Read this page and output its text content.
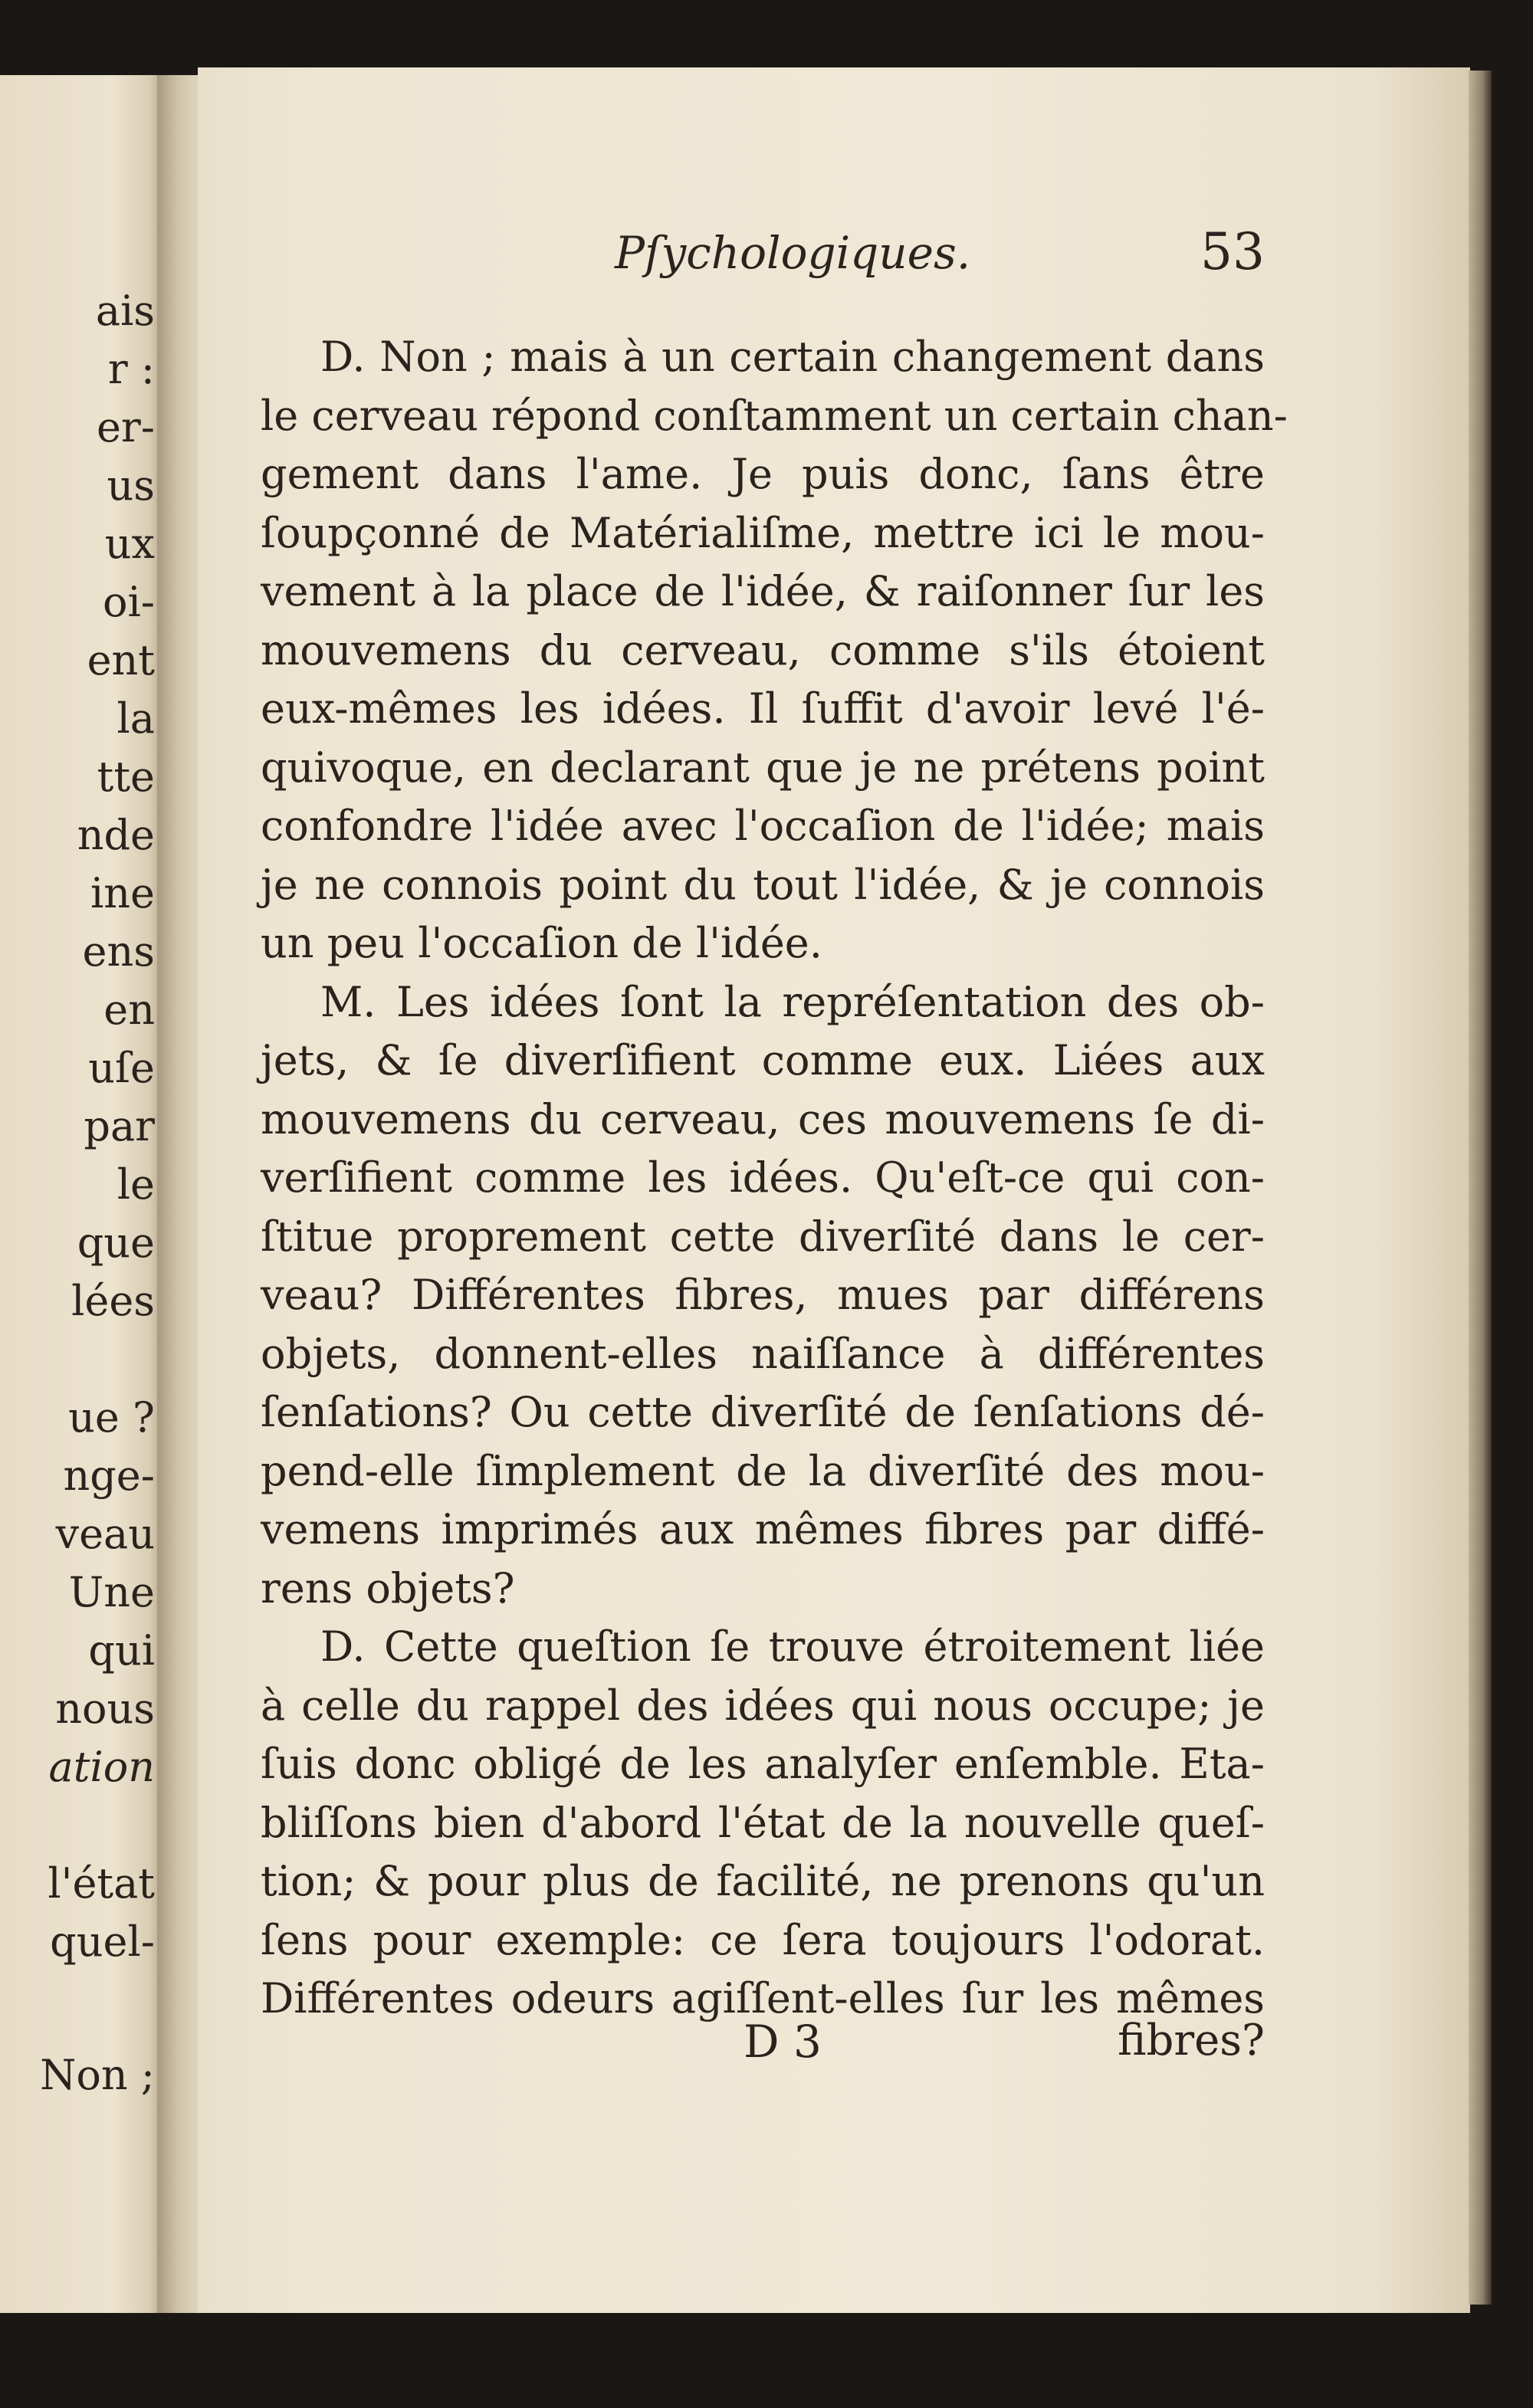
ais
r :
er-
us
ux
oi-
ent
la
tte
nde
ine
ens
en
uſe
par
le
que
lées
ue ?
nge-
veau
Une
qui
nous
ation
l'état
quel-
Non ;
Pſychologiques.	53
D. Non ; mais à un certain changement dans
le cerveau répond conſtamment un certain chan-
gement dans l'ame. Je puis donc, ſans être
ſoupçonné de Matérialiſme, mettre ici le mou-
vement à la place de l'idée, & raiſonner ſur les
mouvemens du cerveau, comme s'ils étoient
eux-mêmes les idées. Il ſuffit d'avoir levé l'é-
quivoque, en declarant que je ne prétens point
confondre l'idée avec l'occaſion de l'idée; mais
je ne connois point du tout l'idée, & je connois
un peu l'occaſion de l'idée.
M. Les idées ſont la repréſentation des ob-
jets, & ſe diverſifient comme eux. Liées aux
mouvemens du cerveau, ces mouvemens ſe di-
verſifient comme les idées. Qu'eſt-ce qui con-
ſtitue proprement cette diverſité dans le cer-
veau? Différentes fibres, mues par différens
objets, donnent-elles naiſſance à différentes
ſenſations? Ou cette diverſité de ſenſations dé-
pend-elle ſimplement de la diverſité des mou-
vemens imprimés aux mêmes fibres par diffé-
rens objets?
D. Cette queſtion ſe trouve étroitement liée
à celle du rappel des idées qui nous occupe; je
ſuis donc obligé de les analyſer enſemble. Eta-
bliſſons bien d'abord l'état de la nouvelle queſ-
tion; & pour plus de facilité, ne prenons qu'un
ſens pour exemple: ce ſera toujours l'odorat.
Différentes odeurs agiſſent-elles ſur les mêmes
D 3	fibres?
